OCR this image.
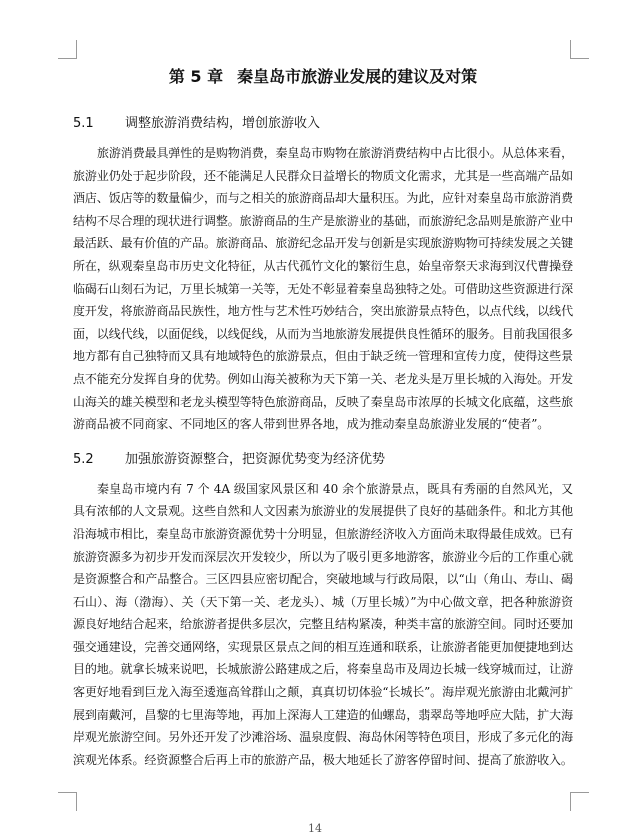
第 5 章 秦皇岛市旅游业发展的建议及对策
5.1 调整旅游消费结构，增创旅游收入

旅游消费最具弹性的是购物消费，秦皇岛市购物在旅游消费结构中占比很小。从总体来看，旅游业仍处于起步阶段，还不能满足人民群众日益增长的物质文化需求，尤其是一些高端产品如酒店、饭店等的数量偏少，而与之相关的旅游商品却大量积压。为此，应针对秦皇岛市旅游消费结构不尽合理的现状进行调整。旅游商品的生产是旅游业的基础，而旅游纪念品则是旅游产业中最活跃、最有价值的产品。旅游商品、旅游纪念品开发与创新是实现旅游购物可持续发展之关键所在，纵观秦皇岛市历史文化特征，从古代孤竹文化的繁衍生息，始皇帝祭天求海到汉代曹操登临碣石山刻石为记，万里长城第一关等，无处不彰显着秦皇岛独特之处。可借助这些资源进行深度开发，将旅游商品民族性，地方性与艺术性巧妙结合，突出旅游景点特色，以点代线，以线代面，以线代线，以面促线，以线促线，从而为当地旅游发展提供良性循环的服务。目前我国很多地方都有自己独特而又具有地域特色的旅游景点，但由于缺乏统一管理和宣传力度，使得这些景点不能充分发挥自身的优势。例如山海关被称为天下第一关、老龙头是万里长城的入海处。开发山海关的雄关模型和老龙头模型等特色旅游商品，反映了秦皇岛市浓厚的长城文化底蕴，这些旅游商品被不同商家、不同地区的客人带到世界各地，成为推动秦皇岛旅游业发展的“使者”。

5.2 加强旅游资源整合，把资源优势变为经济优势

秦皇岛市境内有 7 个 4A 级国家风景区和 40 余个旅游景点，既具有秀丽的自然风光，又具有浓郁的人文景观。这些自然和人文因素为旅游业的发展提供了良好的基础条件。和北方其他沿海城市相比，秦皇岛市旅游资源优势十分明显，但旅游经济收入方面尚未取得最佳成效。已有旅游资源多为初步开发而深层次开发较少，所以为了吸引更多地游客，旅游业今后的工作重心就是资源整合和产品整合。三区四县应密切配合，突破地域与行政局限，以“山（角山、寿山、碣石山）、海（渤海）、关（天下第一关、老龙头）、城（万里长城）”为中心做文章，把各种旅游资源良好地结合起来，给旅游者提供多层次，完整且结构紧凑，种类丰富的旅游空间。同时还要加强交通建设，完善交通网络，实现景区景点之间的相互连通和联系，让旅游者能更加便捷地到达目的地。就拿长城来说吧，长城旅游公路建成之后，将秦皇岛市及周边长城一线穿城而过，让游客更好地看到巨龙入海至逶迤高耸群山之颠，真真切切体验“长城长”。海岸观光旅游由北戴河扩展到南戴河，昌黎的七里海等地，再加上深海人工建造的仙螺岛，翡翠岛等地呼应大陆，扩大海岸观光旅游空间。另外还开发了沙滩浴场、温泉度假、海岛休闲等特色项目，形成了多元化的海滨观光体系。经资源整合后再上市的旅游产品，极大地延长了游客停留时间、提高了旅游收入。

14
